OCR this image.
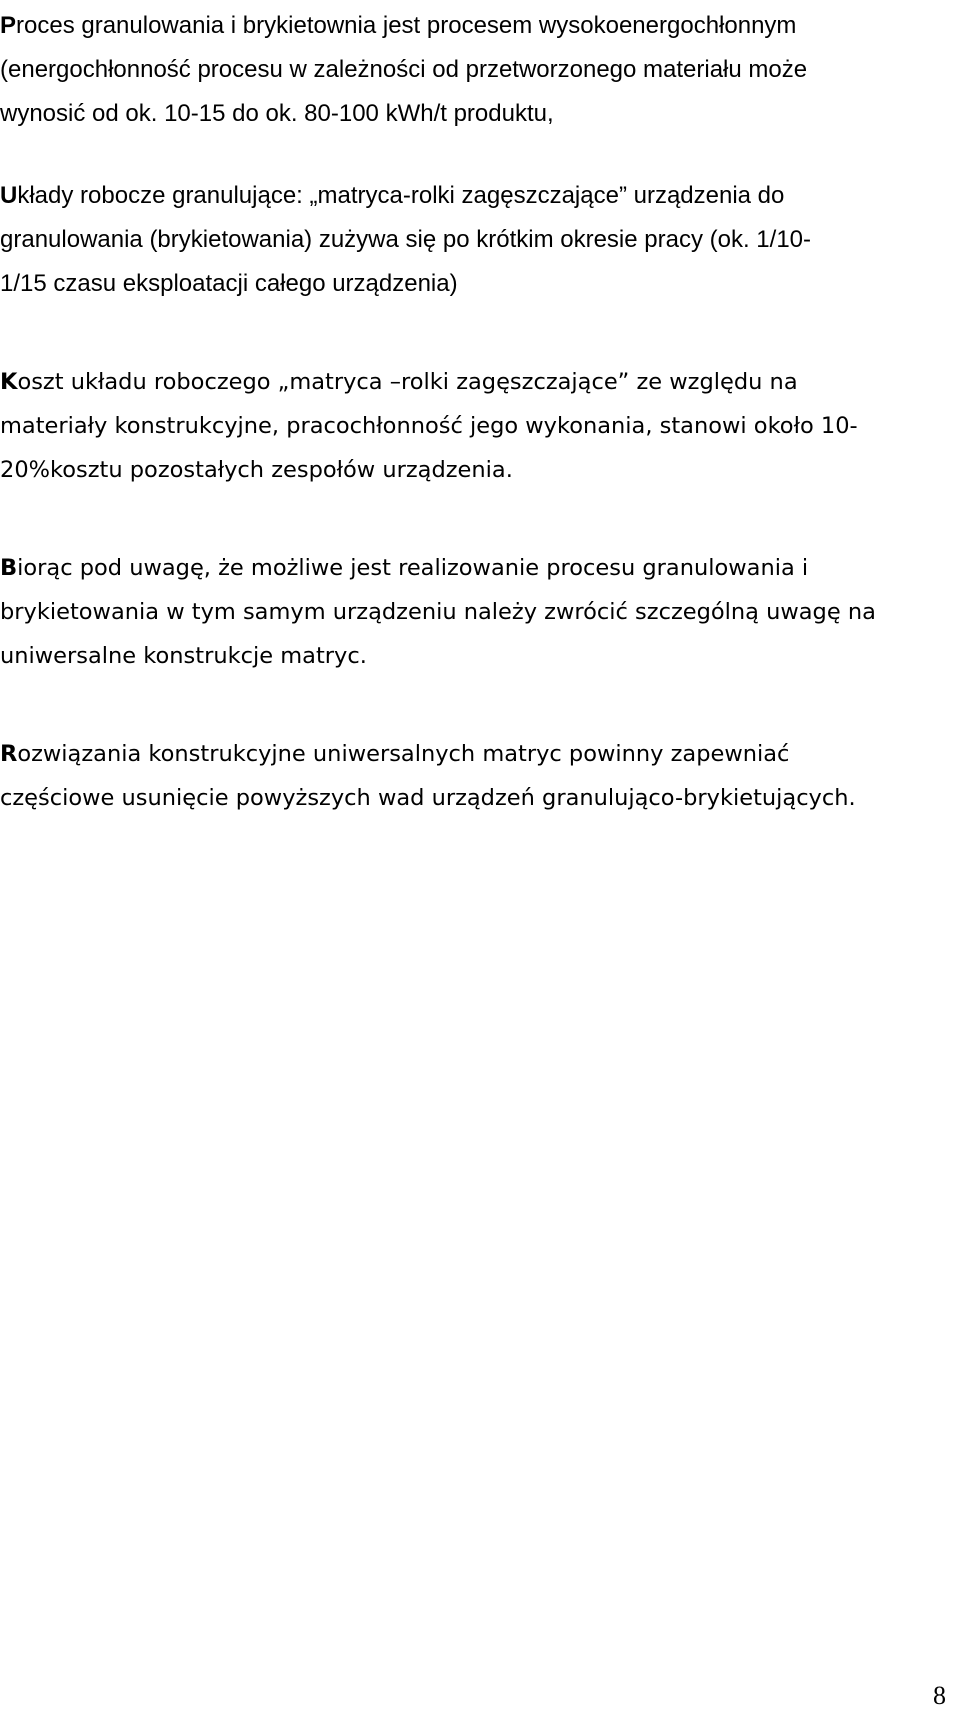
Proces granulowania i brykietownia jest procesem wysokoenergochłonnym
(energochłonność procesu w zależności od przetworzonego materiału może
wynosić od ok. 10-15 do ok. 80-100 kWh/t produktu,
Układy robocze granulujące: „matryca-rolki zagęszczające” urządzenia do
granulowania (brykietowania) zużywa się po krótkim okresie pracy (ok. 1/10-
1/15 czasu eksploatacji całego urządzenia)
Koszt układu roboczego „matryca –rolki zagęszczające” ze względu na
materiały konstrukcyjne, pracochłonność jego wykonania, stanowi około 10-
20%kosztu pozostałych zespołów urządzenia.
Biorąc pod uwagę, że możliwe jest realizowanie procesu granulowania i
brykietowania w tym samym urządzeniu należy zwrócić szczególną uwagę na
uniwersalne konstrukcje matryc.
Rozwiązania konstrukcyjne uniwersalnych matryc powinny zapewniać
częściowe usunięcie powyższych wad urządzeń granulująco-brykietujących.
8
